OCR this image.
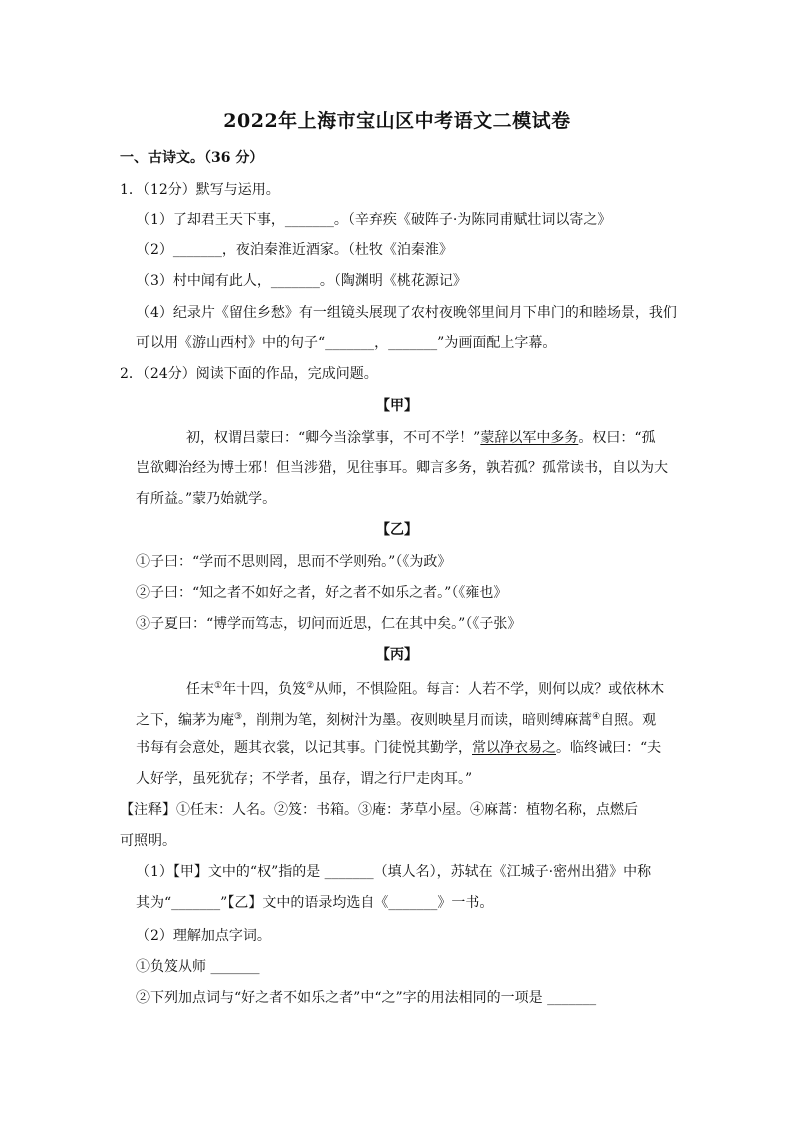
2022年上海市宝山区中考语文二模试卷
一、古诗文。（36 分）
1．（12分）默写与运用。
（1）了却君王天下事，_______。（辛弃疾《破阵子·为陈同甫赋壮词以寄之》
（2）_______，夜泊秦淮近酒家。（杜牧《泊秦淮》
（3）村中闻有此人，_______。（陶渊明《桃花源记》
（4）纪录片《留住乡愁》有一组镜头展现了农村夜晚邻里间月下串门的和睦场景，我们
可以用《游山西村》中的句子“_______，_______”为画面配上字幕。
2．（24分）阅读下面的作品，完成问题。
【甲】
初，权谓吕蒙曰：“卿今当涂掌事，不可不学！”蒙辞以军中多务。权曰：“孤
岂欲卿治经为博士邪！但当涉猎，见往事耳。卿言多务，孰若孤？孤常读书，自以为大
有所益。”蒙乃始就学。
【乙】
①子曰：“学而不思则罔，思而不学则殆。”（《为政》
②子曰：“知之者不如好之者，好之者不如乐之者。”（《雍也》
③子夏曰：“博学而笃志，切问而近思，仁在其中矣。”（《子张》
【丙】
任末①年十四，负笈②从师，不惧险阻。每言：人若不学，则何以成？或依林木
之下，编茅为庵③，削荆为笔，刻树汁为墨。夜则映星月而读，暗则缚麻蒿④自照。观
书每有会意处，题其衣裳，以记其事。门徒悦其勤学，常以净衣易之。临终诫曰：“夫
人好学，虽死犹存；不学者，虽存，谓之行尸走肉耳。”
【注释】①任末：人名。②笈：书箱。③庵：茅草小屋。④麻蒿：植物名称，点燃后
可照明。
（1）【甲】文中的“权”指的是 _______（填人名），苏轼在《江城子·密州出猎》中称
其为“_______”【乙】文中的语录均选自《_______》一书。
（2）理解加点字词。
①负笈从师 _______
②下列加点词与“好之者不如乐之者”中“之”字的用法相同的一项是 _______
